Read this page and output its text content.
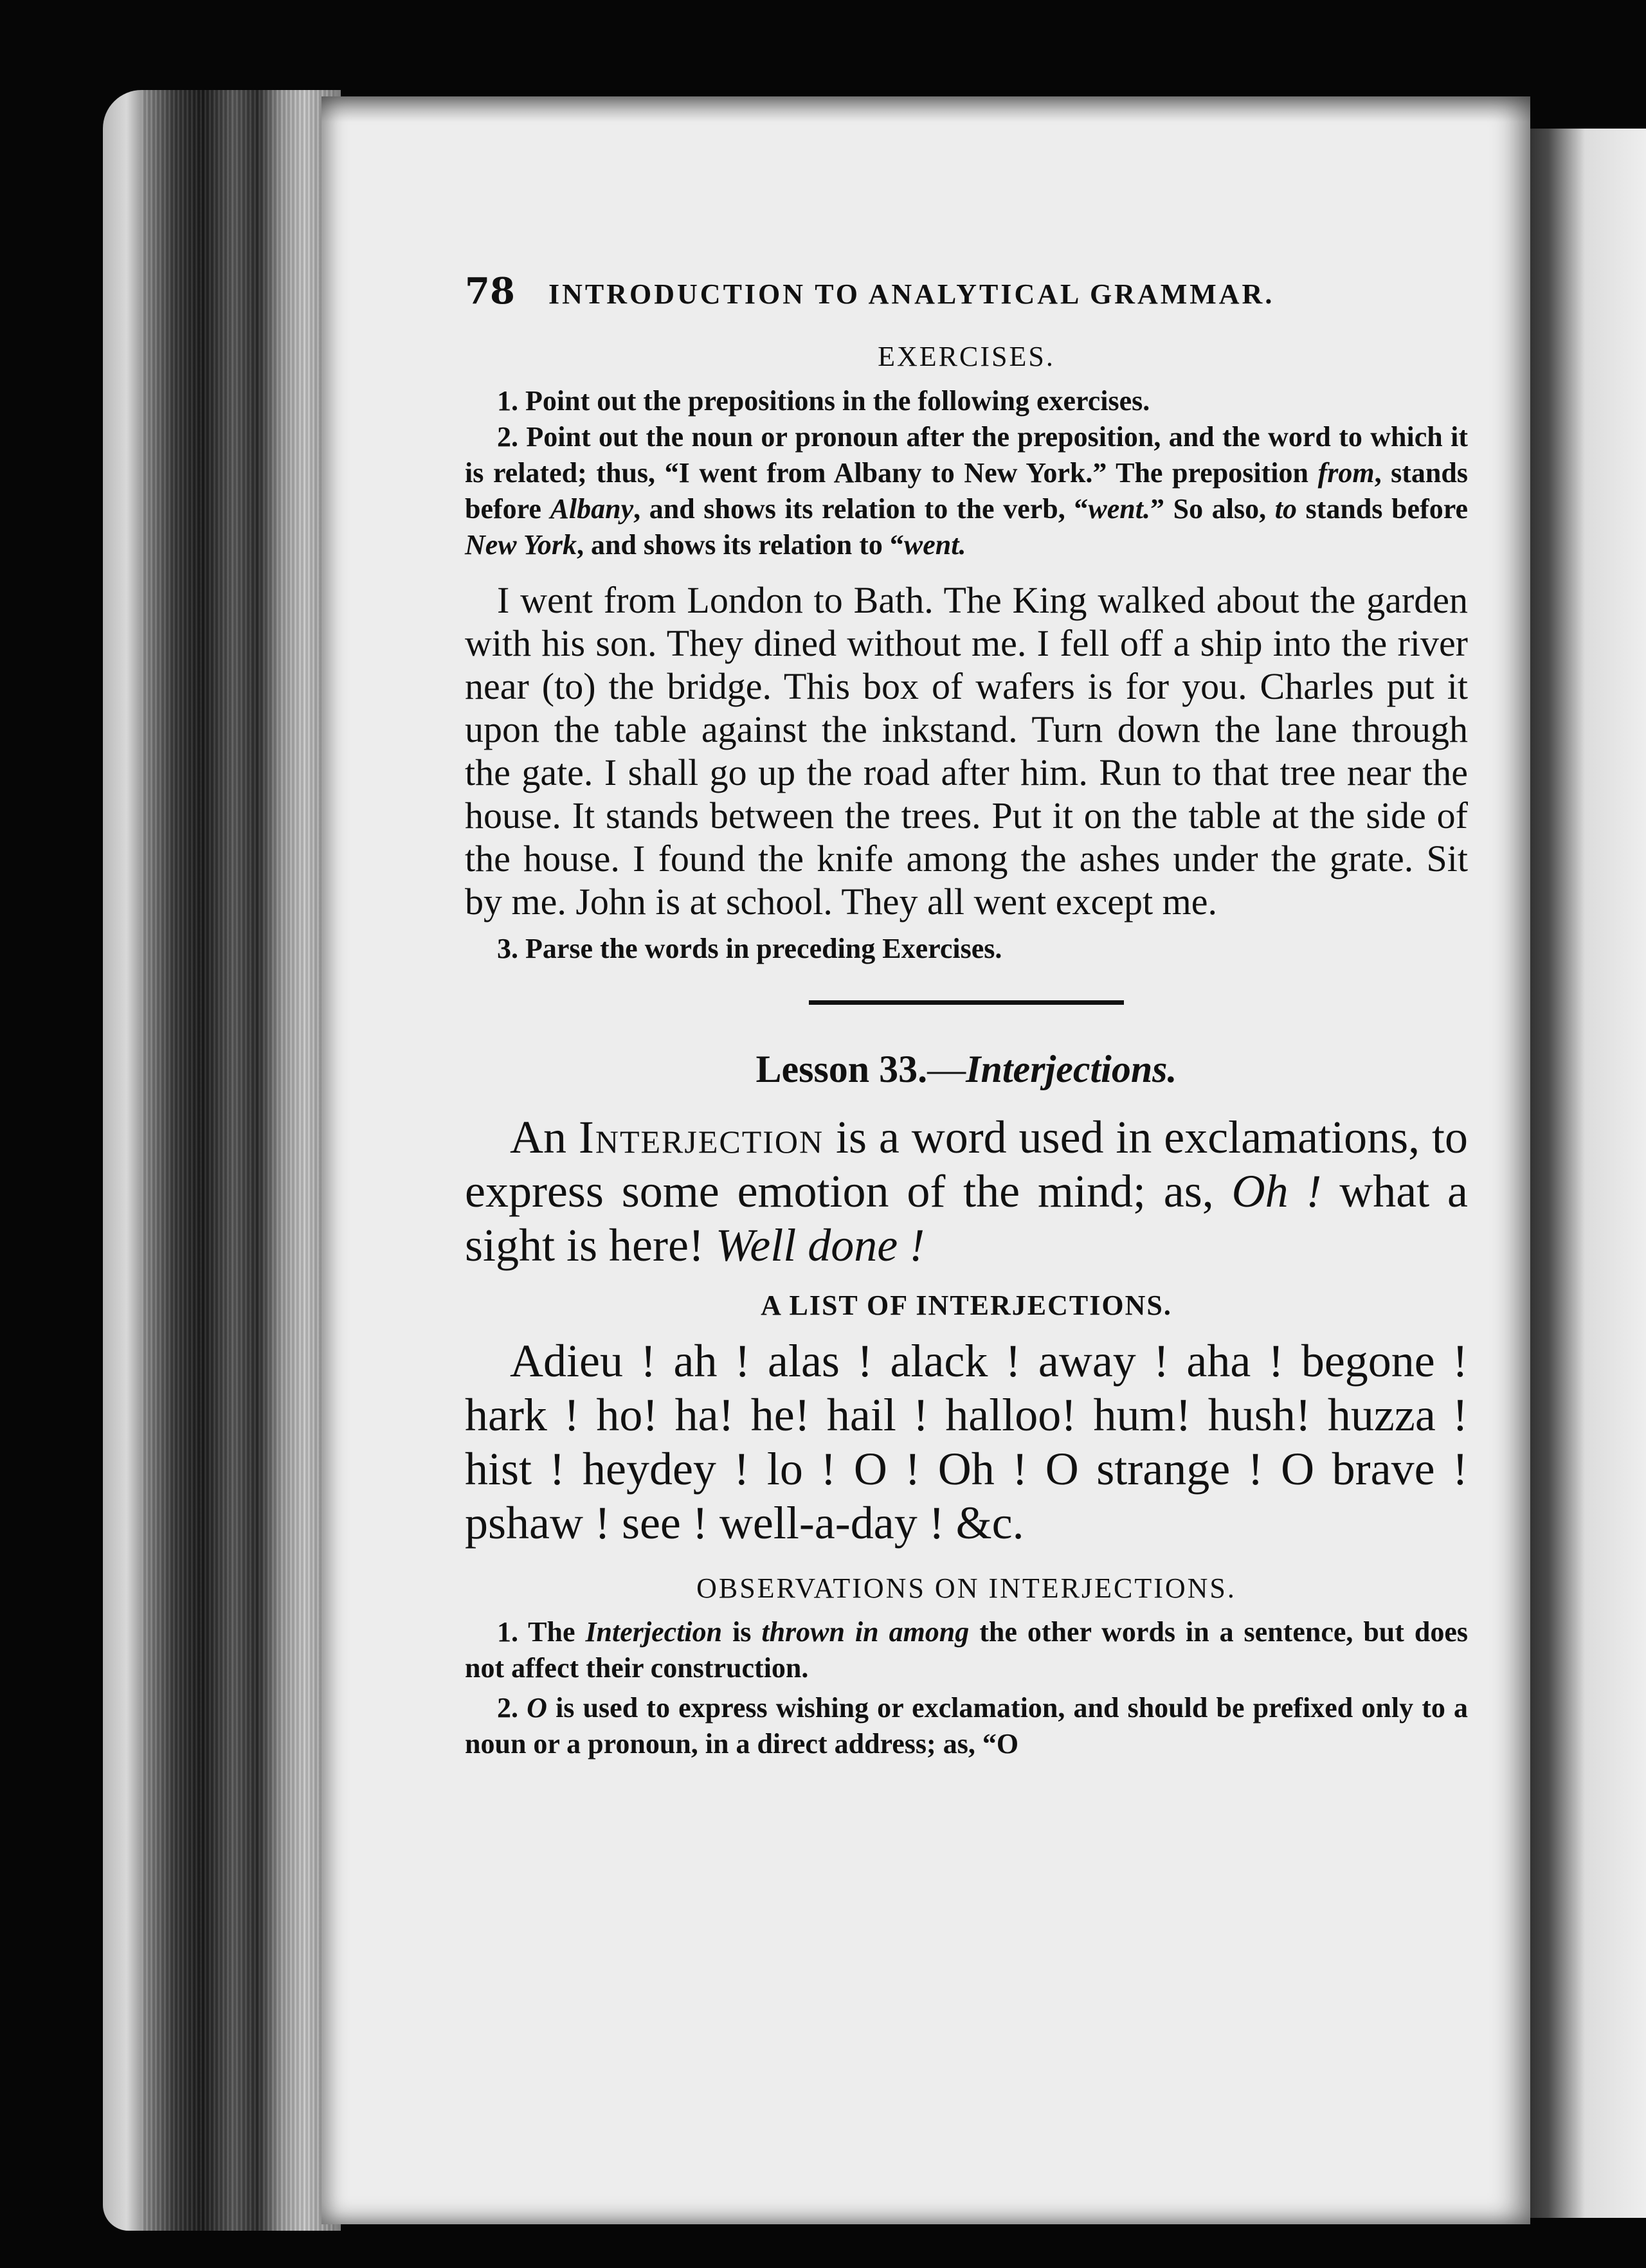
78	INTRODUCTION TO ANALYTICAL GRAMMAR.
EXERCISES.

1. Point out the prepositions in the following exercises.

2. Point out the noun or pronoun after the preposition, and the word to which it is related; thus, “I went from Albany to New York.” The preposition from, stands before Albany, and shows its relation to the verb, “went.” So also, to stands before New York, and shows its relation to “went.

I went from London to Bath. The King walked about the garden with his son. They dined without me. I fell off a ship into the river near (to) the bridge. This box of wafers is for you. Charles put it upon the table against the inkstand. Turn down the lane through the gate. I shall go up the road after him. Run to that tree near the house. It stands between the trees. Put it on the table at the side of the house. I found the knife among the ashes under the grate. Sit by me. John is at school. They all went except me.

3. Parse the words in preceding Exercises.

Lesson 33.—Interjections.

An Interjection is a word used in exclamations, to express some emotion of the mind; as, Oh ! what a sight is here! Well done !

A LIST OF INTERJECTIONS.

Adieu ! ah ! alas ! alack ! away ! aha ! begone ! hark ! ho! ha! he! hail ! halloo! hum! hush! huzza ! hist ! heydey ! lo ! O ! Oh ! O strange ! O brave ! pshaw ! see ! well-a-day ! &c.

OBSERVATIONS ON INTERJECTIONS.

1. The Interjection is thrown in among the other words in a sentence, but does not affect their construction.

2. O is used to express wishing or exclamation, and should be prefixed only to a noun or a pronoun, in a direct address; as, “O
